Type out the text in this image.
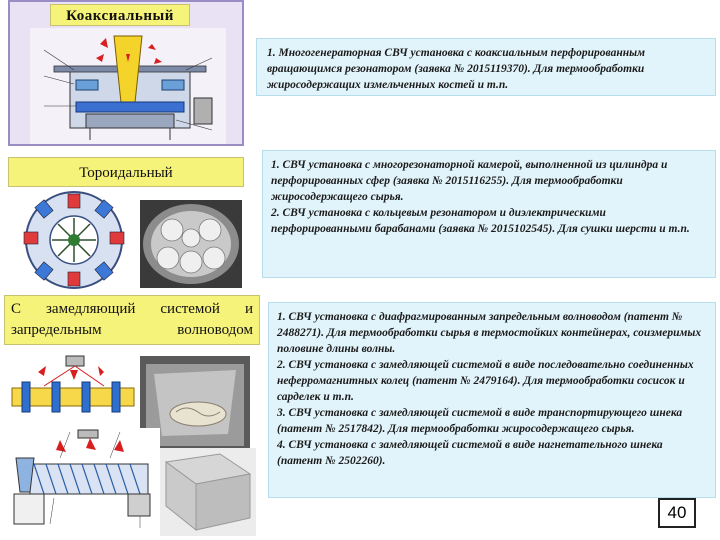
Коаксиальный

1. Многогенераторная СВЧ установка с коаксиальным перфорированным вращающимся резонатором (заявка № 2015119370). Для термообработки жиросодержащих измельченных костей и т.п.

Тороидальный	1. СВЧ установка с многорезонаторной камерой, выполненной из цилиндра и перфорированных сфер (заявка № 2015116255). Для термообработки жиросодержащего сырья.

2. СВЧ установка с кольцевым резонатором и диэлектрическими перфорированными барабанами (заявка № 2015102545). Для сушки шерсти и т.п.

С замедляющий системой и запредельным волноводом

1. СВЧ установка с диафрагмированным запредельным волноводом (патент № 2488271). Для термообработки сырья в термостойких контейнерах, соизмеримых половине длины волны.

2. СВЧ установка с замедляющей системой в виде последовательно соединенных неферромагнитных колец (патент № 2479164). Для термообработки сосисок и сарделек и т.п.

3. СВЧ установка с замедляющей системой в виде транспортирующего шнека (патент № 2517842). Для термообработки жиросодержащего сырья.

4. СВЧ установка с замедляющей системой в виде нагнетательного шнека (патент № 2502260).

40
